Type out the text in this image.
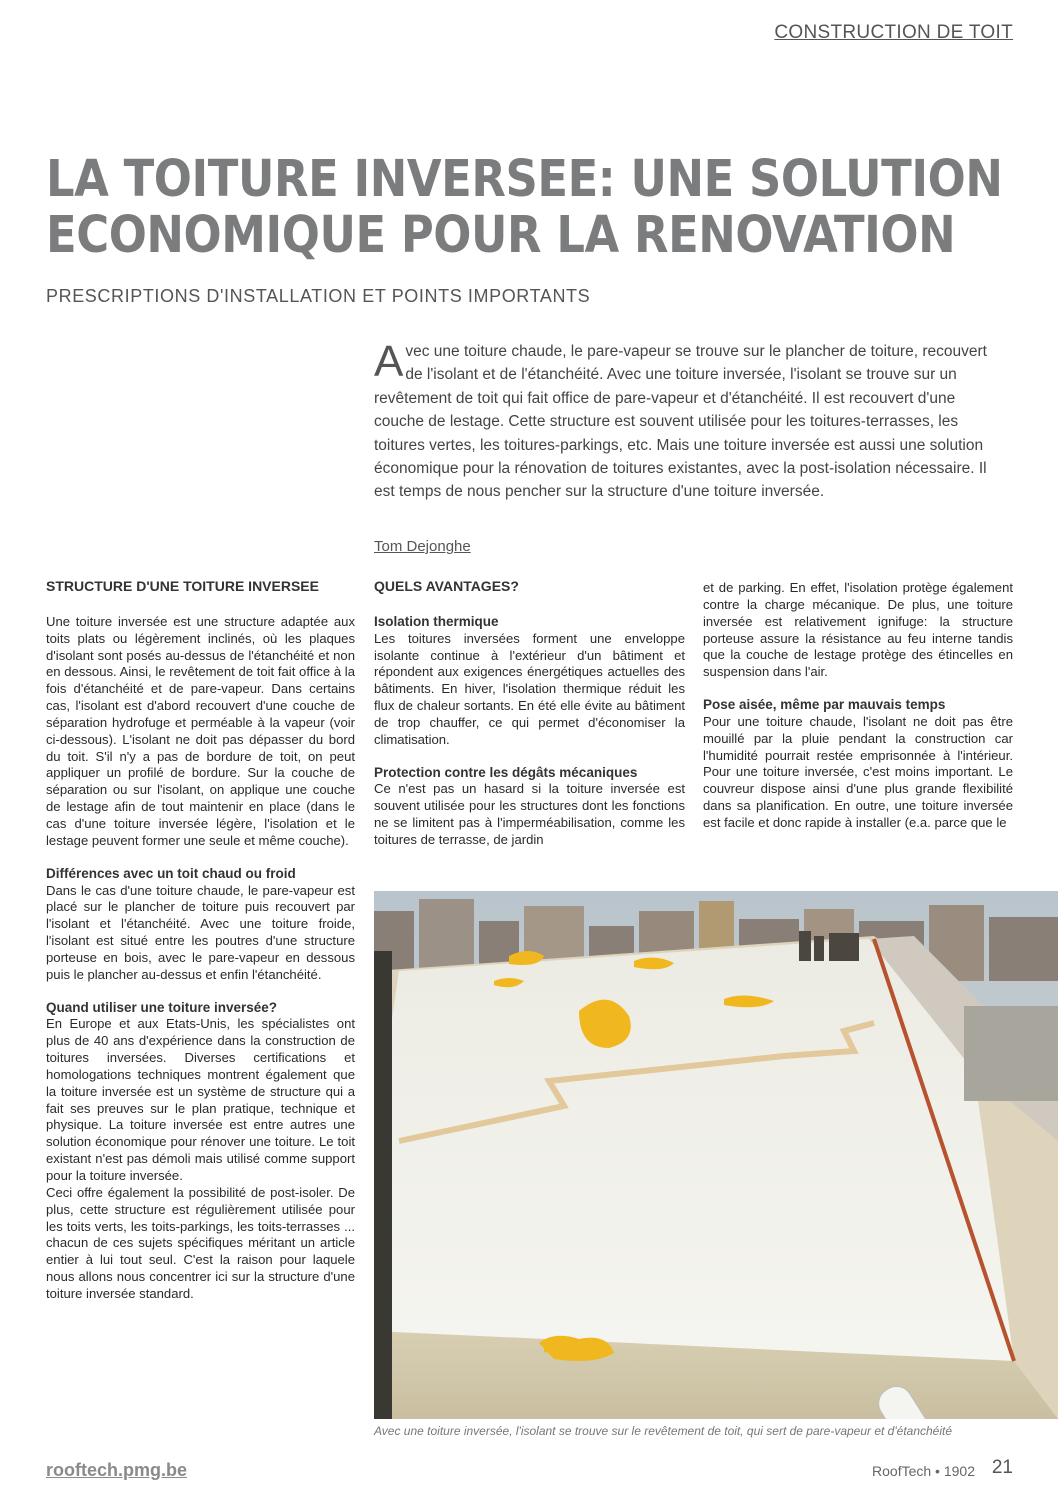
CONSTRUCTION DE TOIT
LA TOITURE INVERSEE: UNE SOLUTION
ECONOMIQUE POUR LA RENOVATION
PRESCRIPTIONS D'INSTALLATION ET POINTS IMPORTANTS

Avec une toiture chaude, le pare-vapeur se trouve sur le plancher de toiture, recouvert de l'isolant et de l'étanchéité. Avec une toiture inversée, l'isolant se trouve sur un revêtement de toit qui fait office de pare-vapeur et d'étanchéité. Il est recouvert d'une couche de lestage. Cette structure est souvent utilisée pour les toitures-terrasses, les toitures vertes, les toitures-parkings, etc. Mais une toiture inversée est aussi une solution économique pour la rénovation de toitures existantes, avec la post-isolation nécessaire. Il est temps de nous pencher sur la structure d'une toiture inversée.

Tom Dejonghe
STRUCTURE D'UNE TOITURE INVERSEE

Une toiture inversée est une structure adaptée aux toits plats ou légèrement inclinés, où les plaques d'isolant sont posés au-dessus de l'étanchéité et non en dessous. Ainsi, le revêtement de toit fait office à la fois d'étanchéité et de pare-vapeur. Dans certains cas, l'isolant est d'abord recouvert d'une couche de séparation hydrofuge et perméable à la vapeur (voir ci-dessous). L'isolant ne doit pas dépasser du bord du toit. S'il n'y a pas de bordure de toit, on peut appliquer un profilé de bordure. Sur la couche de séparation ou sur l'isolant, on applique une couche de lestage afin de tout maintenir en place (dans le cas d'une toiture inversée légère, l'isolation et le lestage peuvent former une seule et même couche).

Différences avec un toit chaud ou froid

Dans le cas d'une toiture chaude, le pare-vapeur est placé sur le plancher de toiture puis recouvert par l'isolant et l'étanchéité. Avec une toiture froide, l'isolant est situé entre les poutres d'une structure porteuse en bois, avec le pare-vapeur en dessous puis le plancher au-dessus et enfin l'étanchéité.

Quand utiliser une toiture inversée?

En Europe et aux Etats-Unis, les spécialistes ont plus de 40 ans d'expérience dans la construction de toitures inversées. Diverses certifications et homologations techniques montrent également que la toiture inversée est un système de structure qui a fait ses preuves sur le plan pratique, technique et physique. La toiture inversée est entre autres une solution économique pour rénover une toiture. Le toit existant n'est pas démoli mais utilisé comme support pour la toiture inversée.

Ceci offre également la possibilité de post-isoler. De plus, cette structure est régulièrement utilisée pour les toits verts, les toits-parkings, les toits-terrasses ... chacun de ces sujets spécifiques méritant un article entier à lui tout seul. C'est la raison pour laquele nous allons nous concentrer ici sur la structure d'une toiture inversée standard.

QUELS AVANTAGES?
Isolation thermique

Les toitures inversées forment une enveloppe isolante continue à l'extérieur d'un bâtiment et répondent aux exigences énergétiques actuelles des bâtiments. En hiver, l'isolation thermique réduit les flux de chaleur sortants. En été elle évite au bâtiment de trop chauffer, ce qui permet d'économiser la climatisation.

Protection contre les dégâts mécaniques

Ce n'est pas un hasard si la toiture inversée est souvent utilisée pour les structures dont les fonctions ne se limitent pas à l'imperméabilisation, comme les toitures de terrasse, de jardin

et de parking. En effet, l'isolation protège également contre la charge mécanique. De plus, une toiture inversée est relativement ignifuge: la structure porteuse assure la résistance au feu interne tandis que la couche de lestage protège des étincelles en suspension dans l'air.

Pose aisée, même par mauvais temps

Pour une toiture chaude, l'isolant ne doit pas être mouillé par la pluie pendant la construction car l'humidité pourrait restée emprisonnée à l'intérieur. Pour une toiture inversée, c'est moins important. Le couvreur dispose ainsi d'une plus grande flexibilité dans sa planification. En outre, une toiture inversée est facile et donc rapide à installer (e.a. parce que le

Avec une toiture inversée, l'isolant se trouve sur le revêtement de toit, qui sert de pare-vapeur et d'étanchéité
rooftech.pmg.be	RoofTech • 1902 21
